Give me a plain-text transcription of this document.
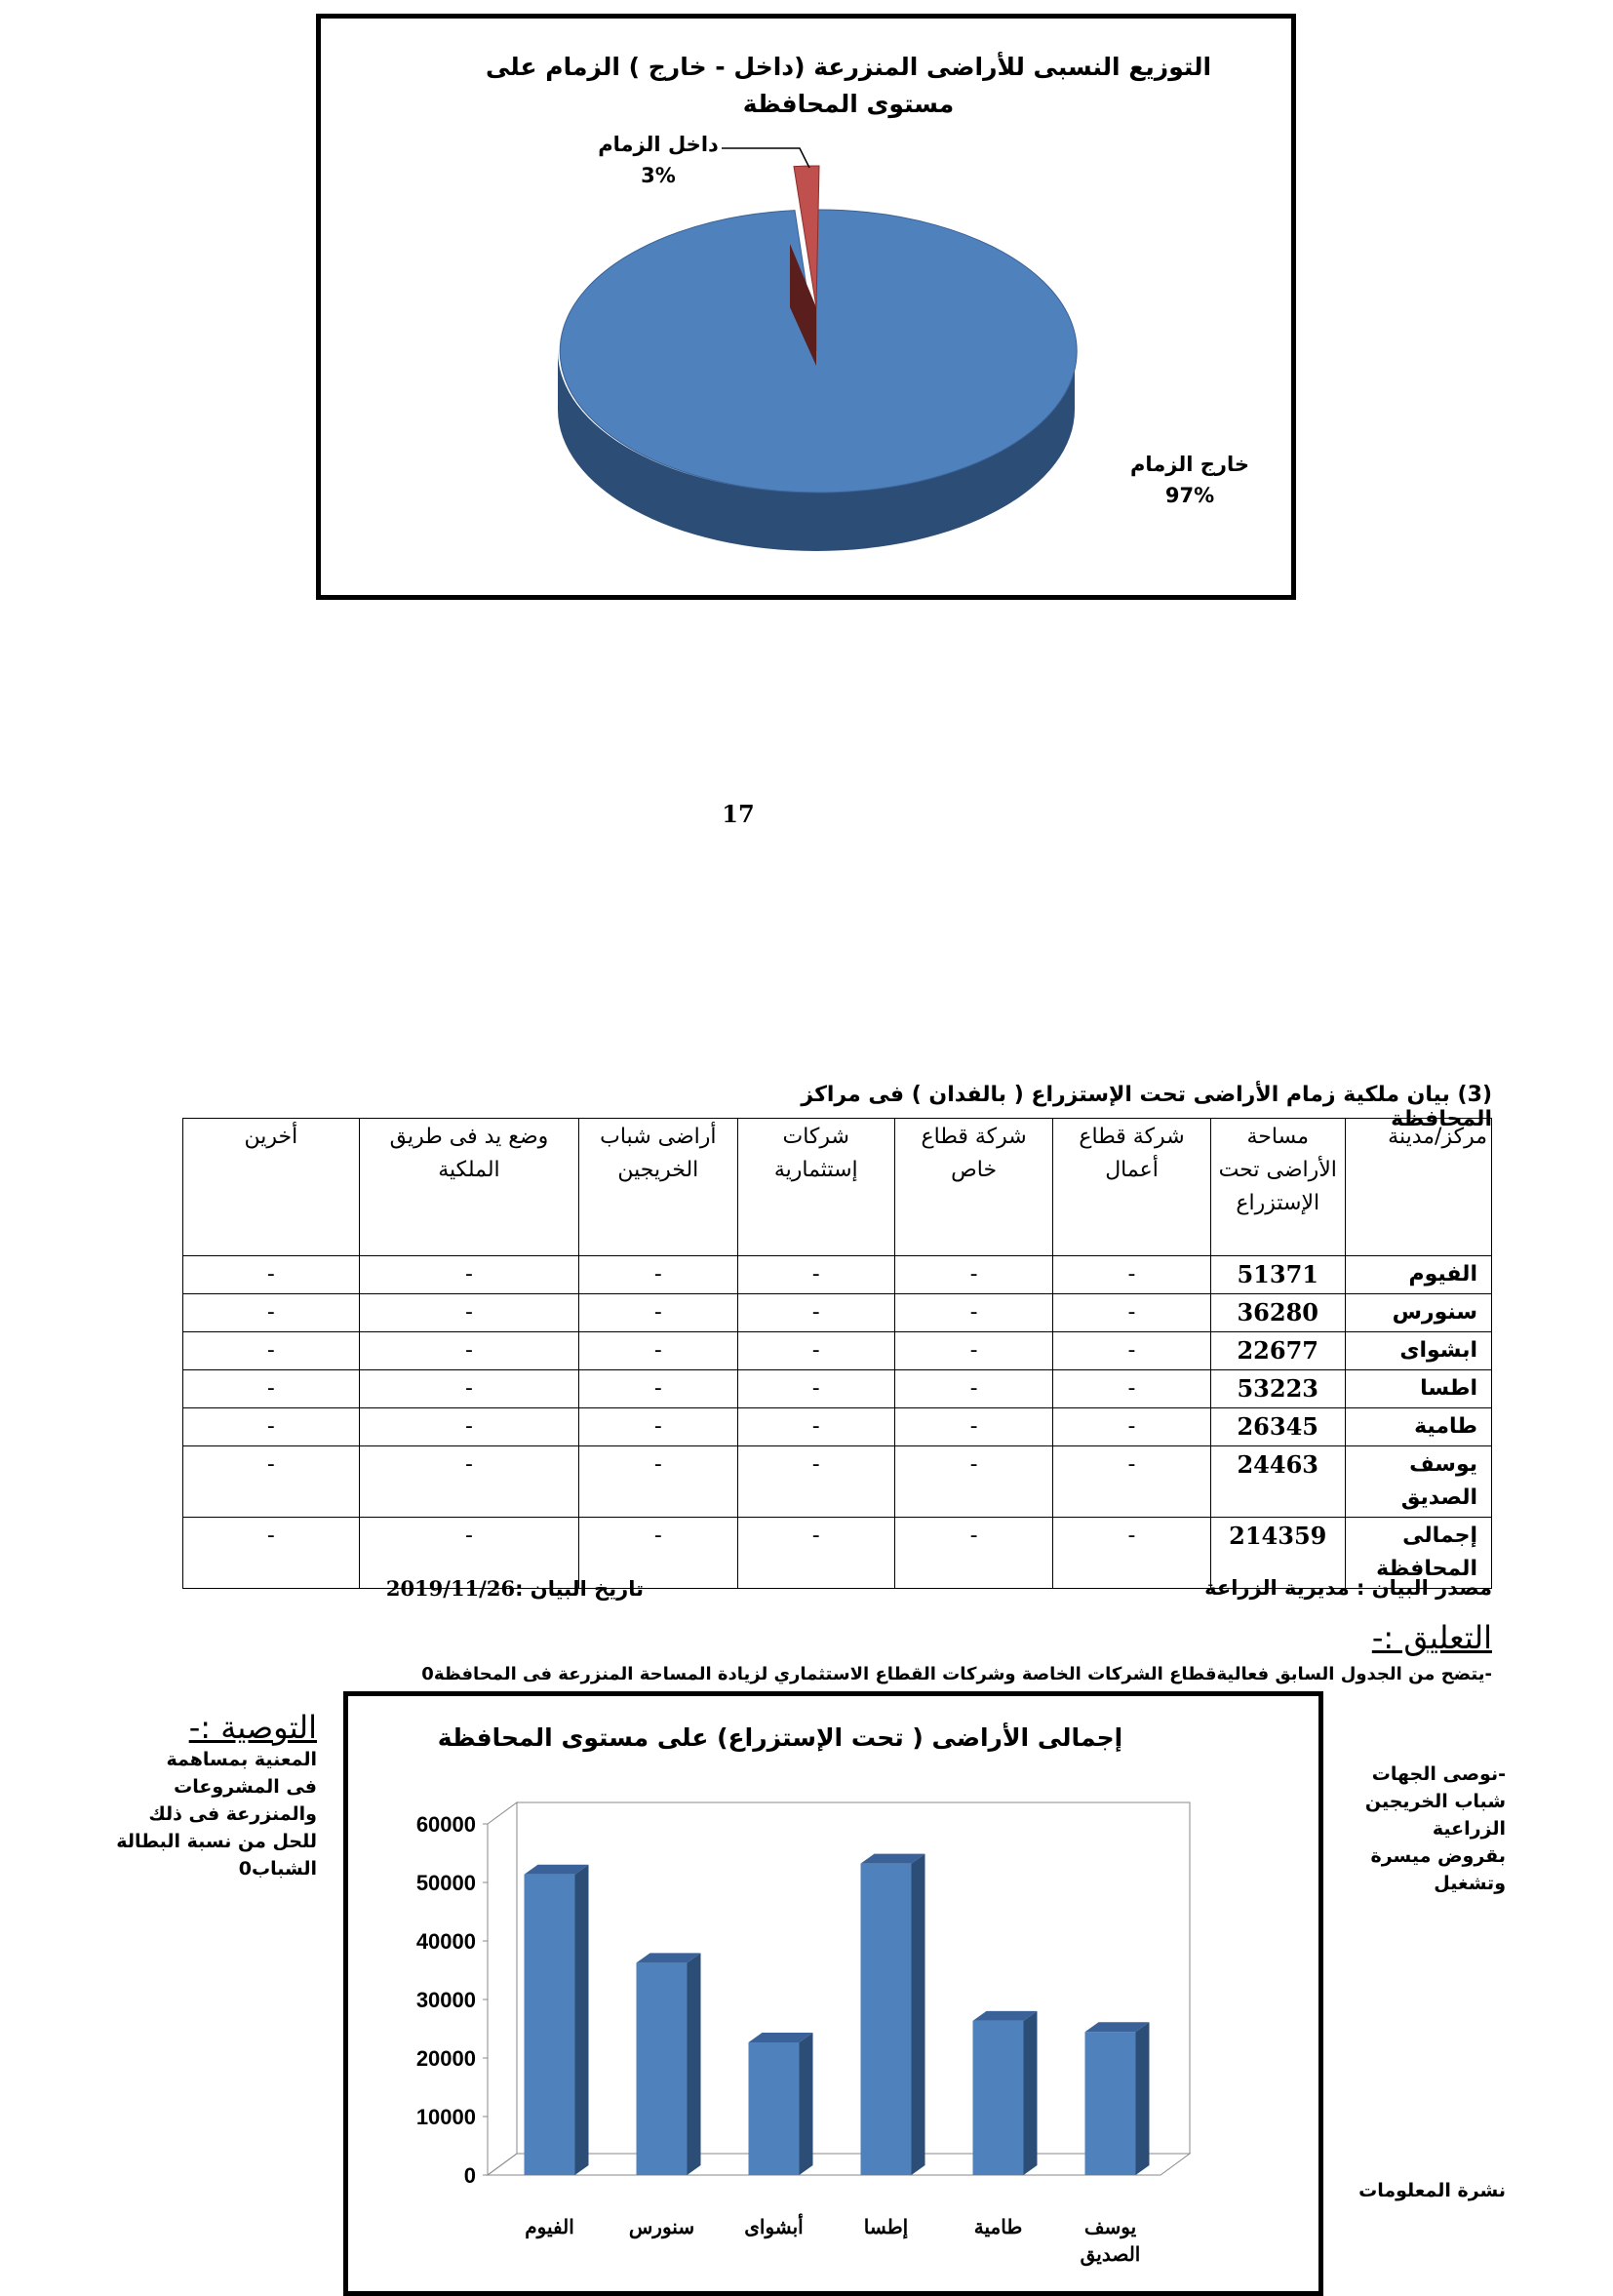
التوزيع النسبى للأراضى المنزرعة (داخل - خارج ) الزمام على مستوى المحافظة
داخل الزمام
3%
خارج الزمام
97%
17
(3) بيان ملكية زمام الأراضى تحت الإستزراع ( بالفدان ) فى مراكز المحافظة
مركز/مدينة	مساحة الأراضى تحت الإستزراع	شركة قطاع أعمال	شركة قطاع خاص	شركات إستثمارية	أراضى شباب الخريجين	وضع يد فى طريق الملكية	أخرين
الفيوم	51371	-	-	-	-	-	-
سنورس	36280	-	-	-	-	-	-
ابشواى	22677	-	-	-	-	-	-
اطسا	53223	-	-	-	-	-	-
طامية	26345	-	-	-	-	-	-
يوسف الصديق	24463	-	-	-	-	-	-
إجمالى المحافظة	214359	-	-	-	-	-	-
مصدر البيان : مديرية الزراعة
تاريخ البيان :2019/11/26
التعليق :-
-يتضح من الجدول السابق فعاليةقطاع الشركات الخاصة وشركات القطاع الاستثماري لزيادة المساحة المنزرعة فى المحافظة0
التوصية :-
-نوصى الجهات
شباب الخريجين
الزراعية
بقروض ميسرة
وتشغيل
المعنية بمساهمة
فى المشروعات
والمنزرعة فى ذلك
للحل من نسبة البطالة
الشباب0
نشرة المعلومات
إجمالى الأراضى ( تحت الإستزراع) على مستوى المحافظة
0
10000
20000
30000
40000
50000
60000
الفيوم	سنورس	أبشواى	إطسا	طامية	يوسف الصديق
